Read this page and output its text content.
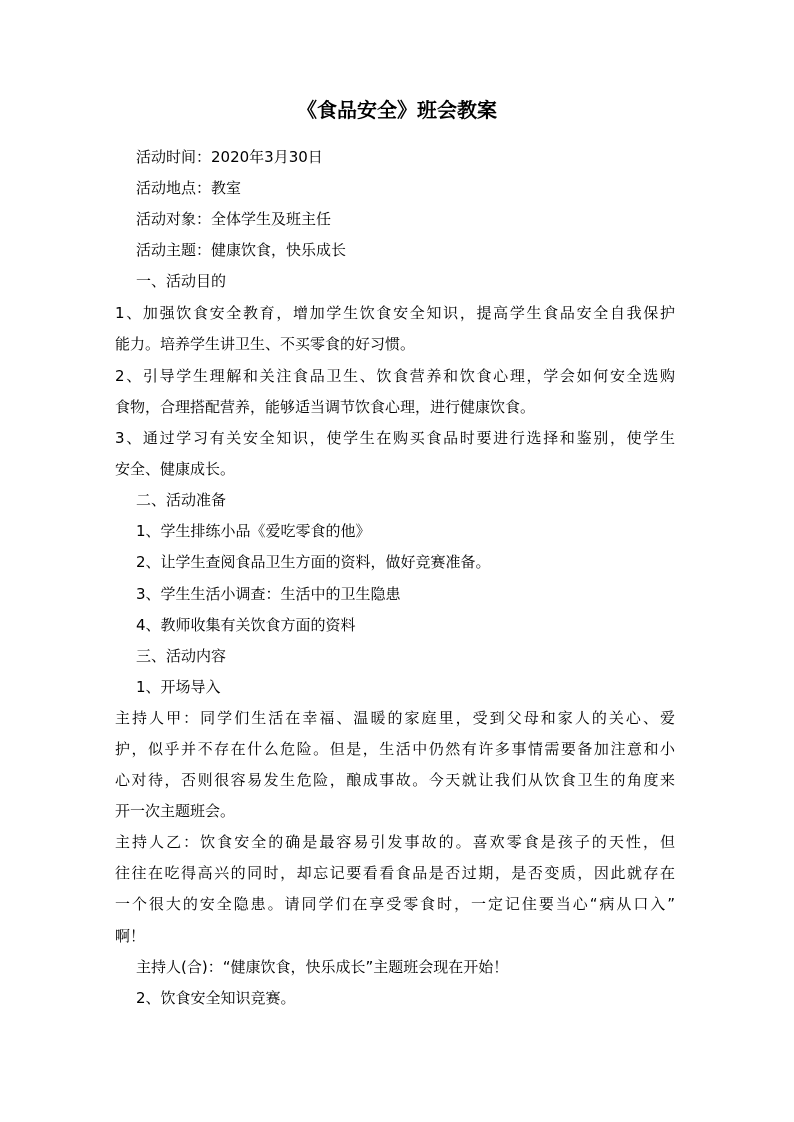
《食品安全》班会教案
活动时间：2020年3月30日
活动地点：教室
活动对象：全体学生及班主任
活动主题：健康饮食，快乐成长
一、活动目的
1、加强饮食安全教育，增加学生饮食安全知识，提高学生食品安全自我保护
能力。培养学生讲卫生、不买零食的好习惯。
2、引导学生理解和关注食品卫生、饮食营养和饮食心理，学会如何安全选购
食物，合理搭配营养，能够适当调节饮食心理，进行健康饮食。
3、通过学习有关安全知识，使学生在购买食品时要进行选择和鉴别，使学生
安全、健康成长。
二、活动准备
1、学生排练小品《爱吃零食的他》
2、让学生查阅食品卫生方面的资料，做好竞赛准备。
3、学生生活小调查：生活中的卫生隐患
4、教师收集有关饮食方面的资料
三、活动内容
1、开场导入
主持人甲：同学们生活在幸福、温暖的家庭里，受到父母和家人的关心、爱
护，似乎并不存在什么危险。但是，生活中仍然有许多事情需要备加注意和小
心对待，否则很容易发生危险，酿成事故。今天就让我们从饮食卫生的角度来
开一次主题班会。
主持人乙：饮食安全的确是最容易引发事故的。喜欢零食是孩子的天性，但
往往在吃得高兴的同时，却忘记要看看食品是否过期，是否变质，因此就存在
一个很大的安全隐患。请同学们在享受零食时，一定记住要当心“病从口入”
啊！
主持人(合)：“健康饮食，快乐成长”主题班会现在开始！
2、饮食安全知识竞赛。
